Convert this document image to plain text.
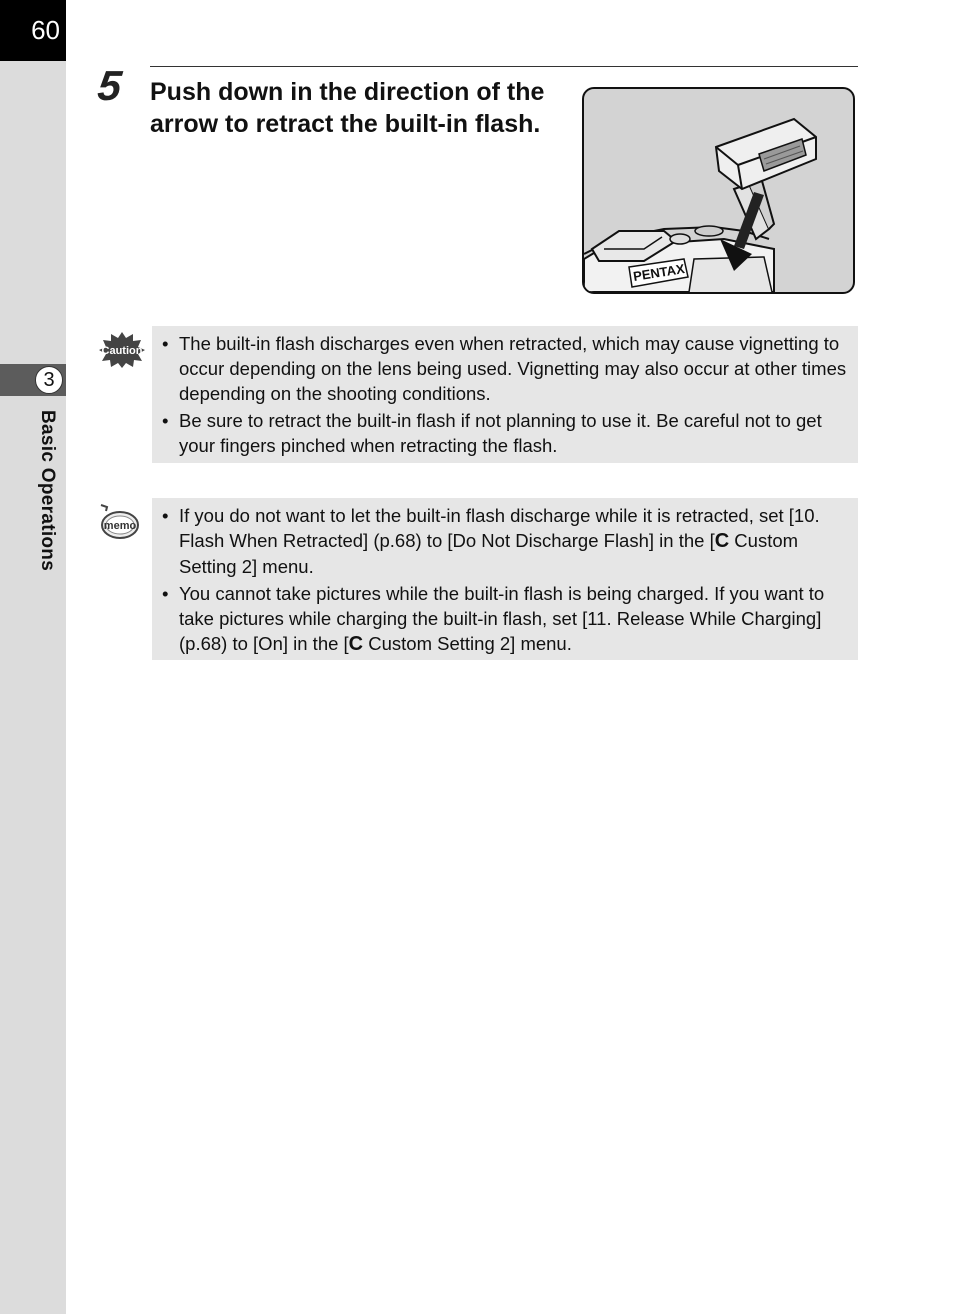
60
3
Basic Operations
5 Push down in the direction of the
arrow to retract the built-in flash.
PENTAX
Caution	• The built-in flash discharges even when retracted, which may cause vignetting to occur depending on the lens being used. Vignetting may also occur at other times depending on the shooting conditions.
• Be sure to retract the built-in flash if not planning to use it. Be careful not to get your fingers pinched when retracting the flash.
memo	• If you do not want to let the built-in flash discharge while it is retracted, set [10. Flash When Retracted] (p.68) to [Do Not Discharge Flash] in the [C Custom Setting 2] menu.
• You cannot take pictures while the built-in flash is being charged. If you want to take pictures while charging the built-in flash, set [11. Release While Charging] (p.68) to [On] in the [C Custom Setting 2] menu.
